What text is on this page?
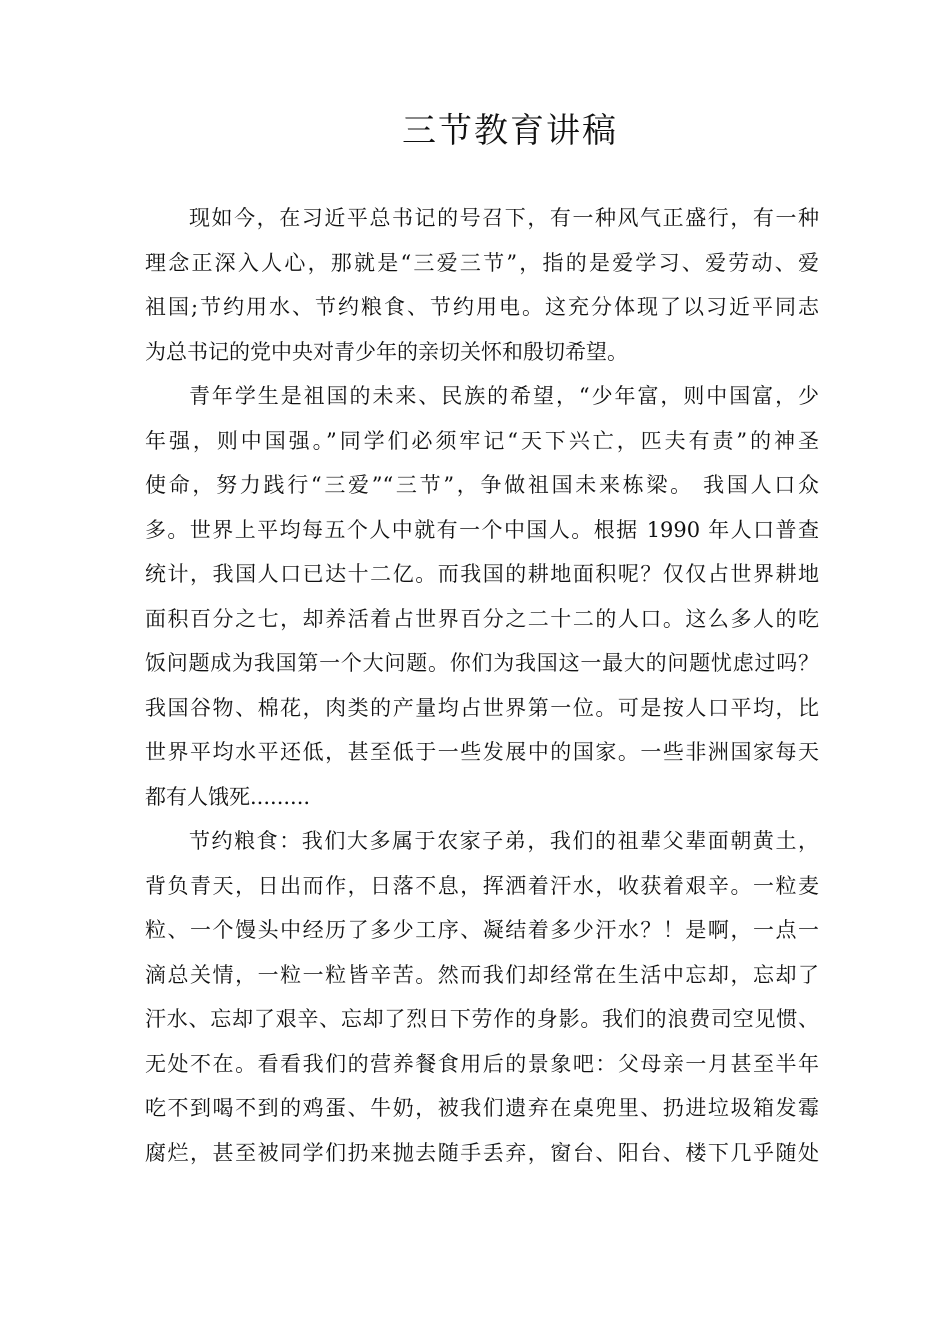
三节教育讲稿

现如今，在习近平总书记的号召下，有一种风气正盛行，有一种
理念正深入人心，那就是“三爱三节”，指的是爱学习、爱劳动、爱
祖国;节约用水、节约粮食、节约用电。这充分体现了以习近平同志
为总书记的党中央对青少年的亲切关怀和殷切希望。

青年学生是祖国的未来、民族的希望，“少年富，则中国富，少
年强，则中国强。”同学们必须牢记“天下兴亡，匹夫有责”的神圣
使命，努力践行“三爱”“三节”，争做祖国未来栋梁。 我国人口众
多。世界上平均每五个人中就有一个中国人。根据 1990 年人口普查
统计，我国人口已达十二亿。而我国的耕地面积呢？仅仅占世界耕地
面积百分之七，却养活着占世界百分之二十二的人口。这么多人的吃
饭问题成为我国第一个大问题。你们为我国这一最大的问题忧虑过吗？
我国谷物、棉花，肉类的产量均占世界第一位。可是按人口平均，比
世界平均水平还低，甚至低于一些发展中的国家。一些非洲国家每天
都有人饿死.........

节约粮食：我们大多属于农家子弟，我们的祖辈父辈面朝黄土，
背负青天，日出而作，日落不息，挥洒着汗水，收获着艰辛。一粒麦
粒、一个馒头中经历了多少工序、凝结着多少汗水？！是啊，一点一
滴总关情，一粒一粒皆辛苦。然而我们却经常在生活中忘却，忘却了
汗水、忘却了艰辛、忘却了烈日下劳作的身影。我们的浪费司空见惯、
无处不在。看看我们的营养餐食用后的景象吧：父母亲一月甚至半年
吃不到喝不到的鸡蛋、牛奶，被我们遗弃在桌兜里、扔进垃圾箱发霉
腐烂，甚至被同学们扔来抛去随手丢弃，窗台、阳台、楼下几乎随处
